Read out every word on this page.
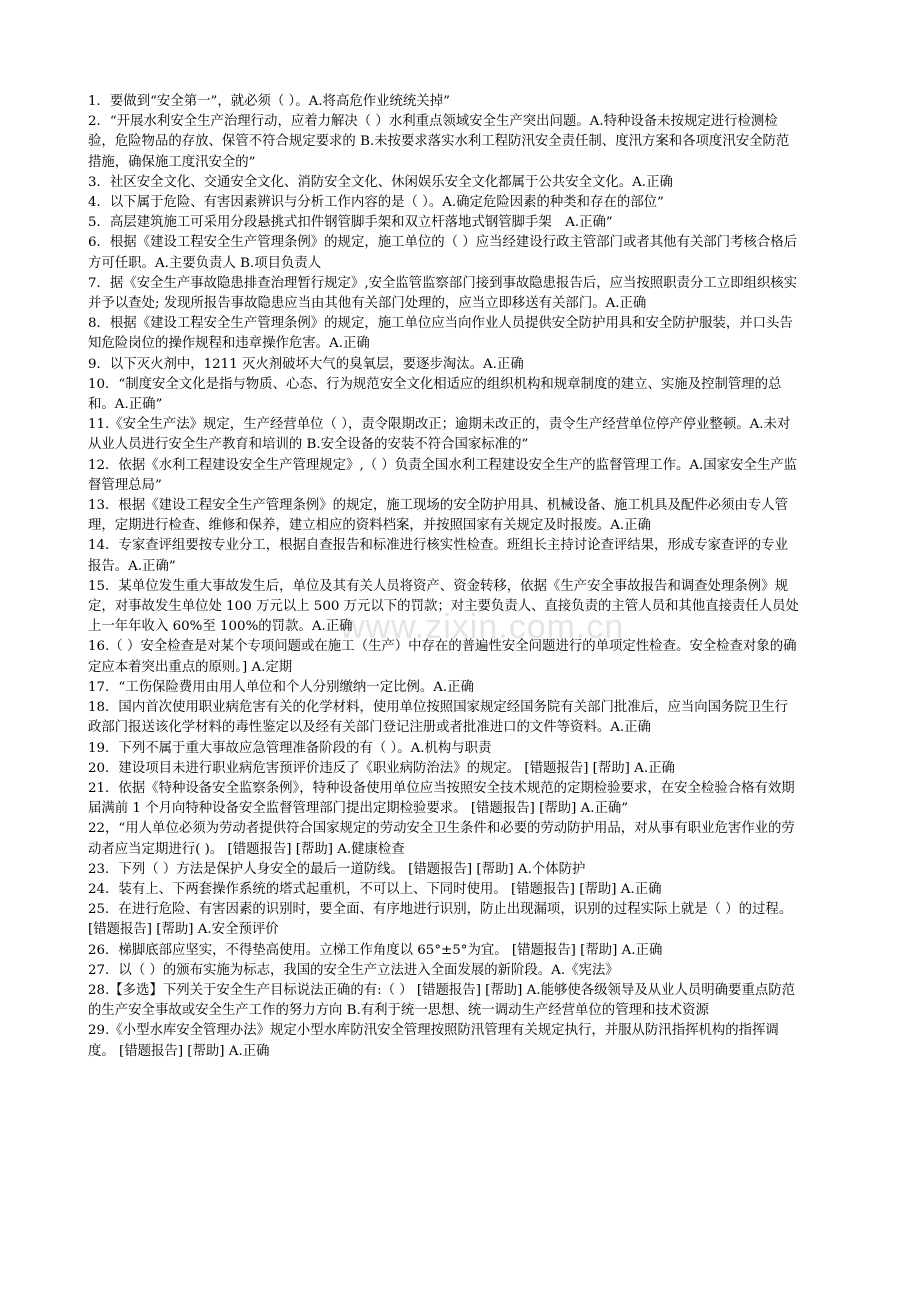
www.zixin.com.cn

1．要做到“安全第一”，就必须（ ）。A.将高危作业统统关掉”

2．“开展水利安全生产治理行动，应着力解决（ ）水利重点领域安全生产突出问题。A.特种设备未按规定进行检测检验，危险物品的存放、保管不符合规定要求的 B.未按要求落实水利工程防汛安全责任制、度汛方案和各项度汛安全防范措施，确保施工度汛安全的”

3．社区安全文化、交通安全文化、消防安全文化、休闲娱乐安全文化都属于公共安全文化。A.正确

4．以下属于危险、有害因素辨识与分析工作内容的是（ ）。A.确定危险因素的种类和存在的部位”

5．高层建筑施工可采用分段悬挑式扣件钢管脚手架和双立杆落地式钢管脚手架　A.正确”

6．根据《建设工程安全生产管理条例》的规定，施工单位的（ ）应当经建设行政主管部门或者其他有关部门考核合格后方可任职。A.主要负责人 B.项目负责人

7．据《安全生产事故隐患排查治理暂行规定》,安全监管监察部门接到事故隐患报告后，应当按照职责分工立即组织核实并予以查处; 发现所报告事故隐患应当由其他有关部门处理的，应当立即移送有关部门。A.正确

8．根据《建设工程安全生产管理条例》的规定，施工单位应当向作业人员提供安全防护用具和安全防护服装，并口头告知危险岗位的操作规程和违章操作危害。A.正确

9．以下灭火剂中，1211 灭火剂破坏大气的臭氧层，要逐步淘汰。A.正确

10．“制度安全文化是指与物质、心态、行为规范安全文化相适应的组织机构和规章制度的建立、实施及控制管理的总和。A.正确”

11.《安全生产法》规定，生产经营单位（ ），责令限期改正；逾期未改正的，责令生产经营单位停产停业整顿。A.未对从业人员进行安全生产教育和培训的 B.安全设备的安装不符合国家标准的”

12．依据《水利工程建设安全生产管理规定》,（ ）负责全国水利工程建设安全生产的监督管理工作。A.国家安全生产监督管理总局”

13．根据《建设工程安全生产管理条例》的规定，施工现场的安全防护用具、机械设备、施工机具及配件必须由专人管理，定期进行检查、维修和保养，建立相应的资料档案，并按照国家有关规定及时报废。A.正确

14．专家查评组要按专业分工，根据自查报告和标准进行核实性检查。班组长主持讨论查评结果，形成专家查评的专业报告。A.正确”

15．某单位发生重大事故发生后，单位及其有关人员将资产、资金转移，依据《生产安全事故报告和调查处理条例》规定，对事故发生单位处 100 万元以上 500 万元以下的罚款；对主要负责人、直接负责的主管人员和其他直接责任人员处上一年年收入 60%至 100%的罚款。A.正确

16.（ ）安全检查是对某个专项问题或在施工（生产）中存在的普遍性安全问题进行的单项定性检查。安全检查对象的确定应本着突出重点的原则。] A.定期

17．“工伤保险费用由用人单位和个人分别缴纳一定比例。A.正确

18．国内首次使用职业病危害有关的化学材料，使用单位按照国家规定经国务院有关部门批准后，应当向国务院卫生行政部门报送该化学材料的毒性鉴定以及经有关部门登记注册或者批准进口的文件等资料。A.正确

19．下列不属于重大事故应急管理准备阶段的有（ ）。A.机构与职责

20．建设项目未进行职业病危害预评价违反了《职业病防治法》的规定。 [错题报告] [帮助] A.正确

21．依据《特种设备安全监察条例》，特种设备使用单位应当按照安全技术规范的定期检验要求，在安全检验合格有效期届满前 1 个月向特种设备安全监督管理部门提出定期检验要求。 [错题报告] [帮助] A.正确”

22，“用人单位必须为劳动者提供符合国家规定的劳动安全卫生条件和必要的劳动防护用品，对从事有职业危害作业的劳动者应当定期进行( )。 [错题报告] [帮助] A.健康检查

23．下列（ ）方法是保护人身安全的最后一道防线。 [错题报告] [帮助] A.个体防护

24．装有上、下两套操作系统的塔式起重机，不可以上、下同时使用。 [错题报告] [帮助] A.正确

25．在进行危险、有害因素的识别时，要全面、有序地进行识别，防止出现漏项，识别的过程实际上就是（ ）的过程。 [错题报告] [帮助] A.安全预评价

26．梯脚底部应坚实，不得垫高使用。立梯工作角度以 65°±5°为宜。 [错题报告] [帮助] A.正确

27．以（ ）的颁布实施为标志，我国的安全生产立法进入全面发展的新阶段。A.《宪法》

28.【多选】下列关于安全生产目标说法正确的有:（ ） [错题报告] [帮助] A.能够使各级领导及从业人员明确要重点防范的生产安全事故或安全生产工作的努力方向 B.有利于统一思想、统一调动生产经营单位的管理和技术资源

29.《小型水库安全管理办法》规定小型水库防汛安全管理按照防汛管理有关规定执行，并服从防汛指挥机构的指挥调度。 [错题报告] [帮助] A.正确
